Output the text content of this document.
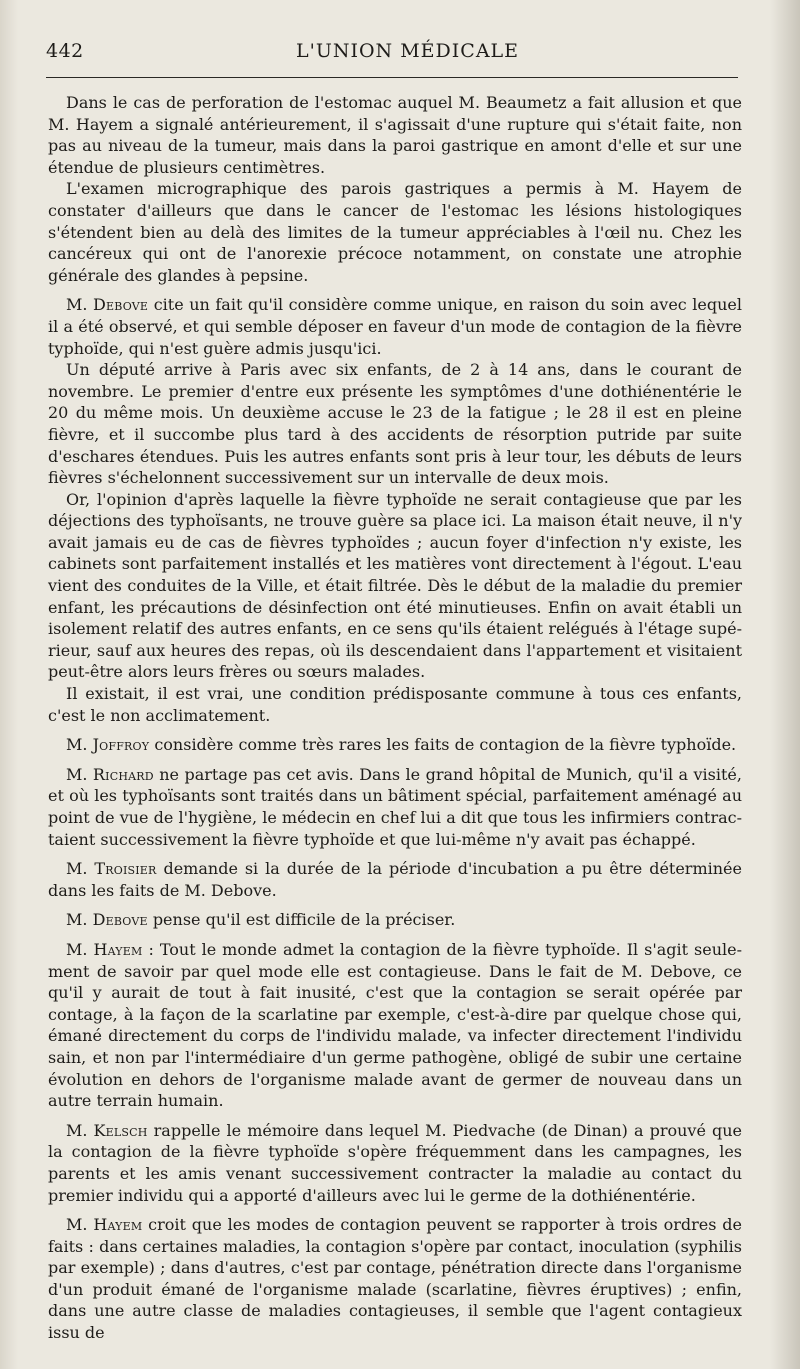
442	L'UNION MÉDICALE

Dans le cas de perforation de l'estomac auquel M. Beaumetz a fait allusion et que M. Hayem a signalé antérieurement, il s'agissait d'une rupture qui s'était faite, non pas au niveau de la tumeur, mais dans la paroi gastrique en amont d'elle et sur une étendue de plusieurs centimètres.

L'examen micrographique des parois gastriques a permis à M. Hayem de constater d'ailleurs que dans le cancer de l'estomac les lésions histologiques s'étendent bien au delà des limites de la tumeur appréciables à l'œil nu. Chez les cancéreux qui ont de l'anorexie précoce notamment, on constate une atrophie générale des glandes à pepsine.

M. Debove cite un fait qu'il considère comme unique, en raison du soin avec lequel il a été observé, et qui semble déposer en faveur d'un mode de contagion de la fièvre typhoïde, qui n'est guère admis jusqu'ici.

Un député arrive à Paris avec six enfants, de 2 à 14 ans, dans le courant de novembre. Le premier d'entre eux présente les symptômes d'une dothiénentérie le 20 du même mois. Un deuxième accuse le 23 de la fatigue ; le 28 il est en pleine fièvre, et il succombe plus tard à des accidents de résorption putride par suite d'eschares étendues. Puis les autres enfants sont pris à leur tour, les débuts de leurs fièvres s'échelonnent successivement sur un intervalle de deux mois.

Or, l'opinion d'après laquelle la fièvre typhoïde ne serait contagieuse que par les déjections des typhoïsants, ne trouve guère sa place ici. La maison était neuve, il n'y avait jamais eu de cas de fièvres typhoïdes ; aucun foyer d'infection n'y existe, les cabinets sont parfaitement installés et les matières vont directement à l'égout. L'eau vient des conduites de la Ville, et était filtrée. Dès le début de la maladie du premier enfant, les précautions de désinfection ont été minutieuses. Enfin on avait établi un isolement relatif des autres enfants, en ce sens qu'ils étaient relégués à l'étage supérieur, sauf aux heures des repas, où ils descendaient dans l'appartement et visitaient peut-être alors leurs frères ou sœurs malades.

Il existait, il est vrai, une condition prédisposante commune à tous ces enfants, c'est le non acclimatement.

M. Joffroy considère comme très rares les faits de contagion de la fièvre typhoïde.

M. Richard ne partage pas cet avis. Dans le grand hôpital de Munich, qu'il a visité, et où les typhoïsants sont traités dans un bâtiment spécial, parfaitement aménagé au point de vue de l'hygiène, le médecin en chef lui a dit que tous les infirmiers contractaient successivement la fièvre typhoïde et que lui-même n'y avait pas échappé.

M. Troisier demande si la durée de la période d'incubation a pu être déterminée dans les faits de M. Debove.

M. Debove pense qu'il est difficile de la préciser.

M. Hayem : Tout le monde admet la contagion de la fièvre typhoïde. Il s'agit seulement de savoir par quel mode elle est contagieuse. Dans le fait de M. Debove, ce qu'il y aurait de tout à fait inusité, c'est que la contagion se serait opérée par contage, à la façon de la scarlatine par exemple, c'est-à-dire par quelque chose qui, émané directement du corps de l'individu malade, va infecter directement l'individu sain, et non par l'intermédiaire d'un germe pathogène, obligé de subir une certaine évolution en dehors de l'organisme malade avant de germer de nouveau dans un autre terrain humain.

M. Kelsch rappelle le mémoire dans lequel M. Piedvache (de Dinan) a prouvé que la contagion de la fièvre typhoïde s'opère fréquemment dans les campagnes, les parents et les amis venant successivement contracter la maladie au contact du premier individu qui a apporté d'ailleurs avec lui le germe de la dothiénentérie.

M. Hayem croit que les modes de contagion peuvent se rapporter à trois ordres de faits : dans certaines maladies, la contagion s'opère par contact, inoculation (syphilis par exemple) ; dans d'autres, c'est par contage, pénétration directe dans l'organisme d'un produit émané de l'organisme malade (scarlatine, fièvres éruptives) ; enfin, dans une autre classe de maladies contagieuses, il semble que l'agent contagieux issu de
